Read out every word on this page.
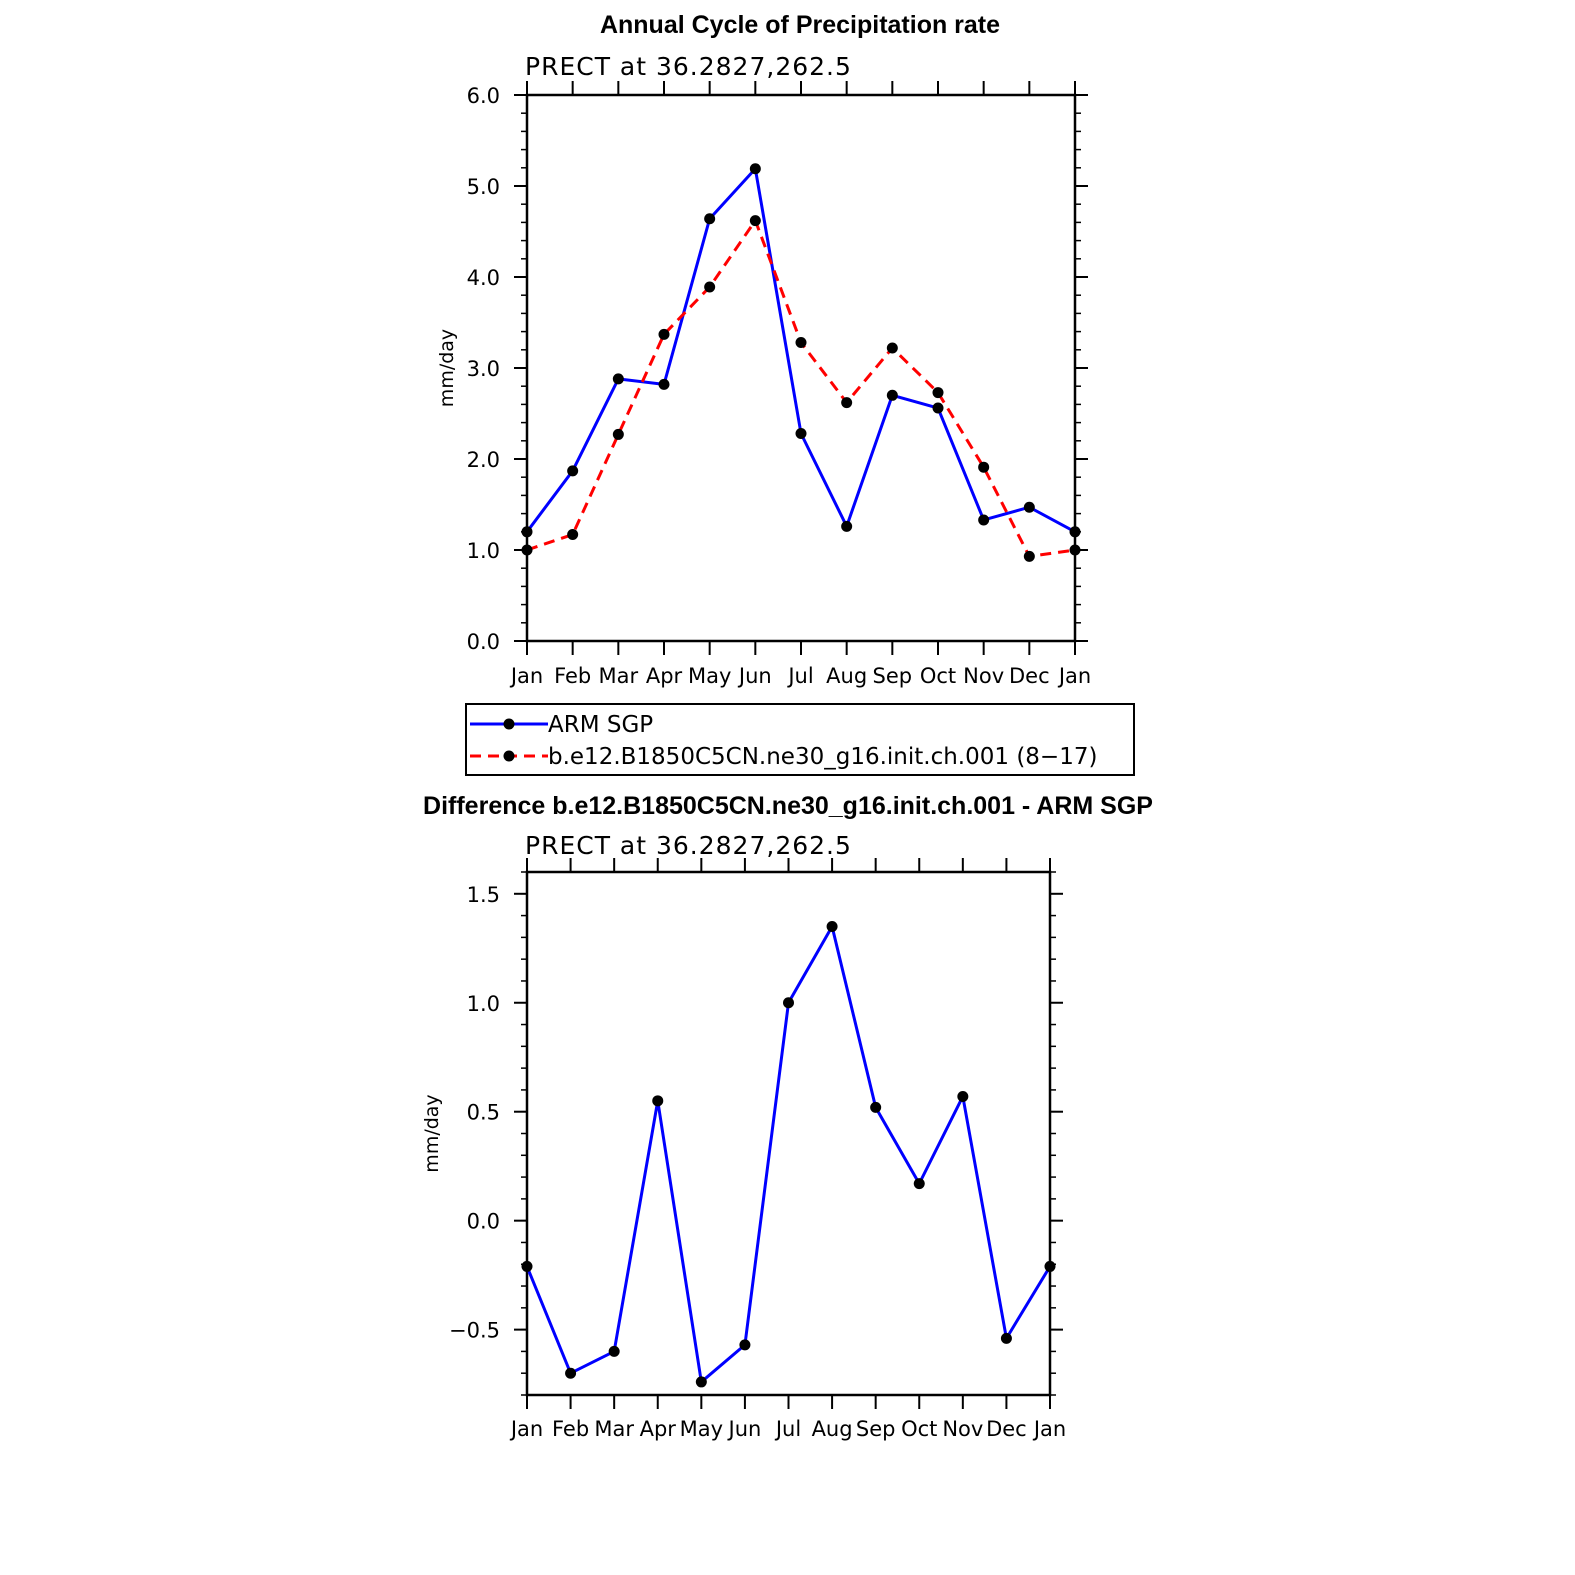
Annual Cycle of Precipitation rate
PRECT at 36.2827,262.5
0.0
1.0
2.0
3.0
4.0
5.0
6.0
Jan Feb Mar Apr May Jun Jul Aug Sep Oct Nov Dec Jan
mm/day
ARM SGP
b.e12.B1850C5CN.ne30_g16.init.ch.001 (8−17)
Difference b.e12.B1850C5CN.ne30_g16.init.ch.001 - ARM SGP
PRECT at 36.2827,262.5
−0.5
0.0
0.5
1.0
1.5
Jan Feb Mar Apr May Jun Jul Aug Sep Oct Nov Dec Jan
mm/day
